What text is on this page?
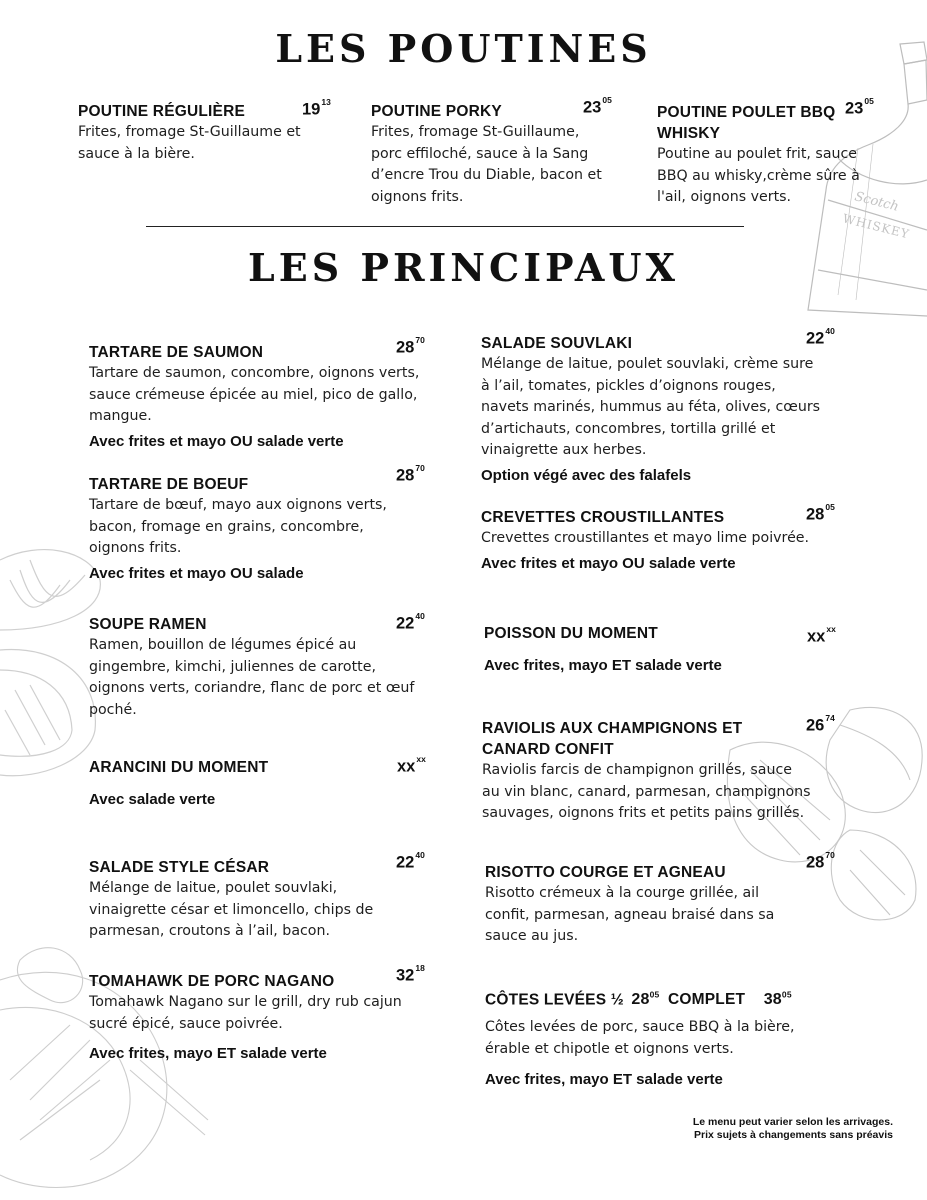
Scotch
WHISKEY
LES POUTINES
LES PRINCIPAUX
POUTINE RÉGULIÈRE
Frites, fromage St-Guillaume et sauce à la bière.
$19^{13}$
POUTINE PORKY
Frites, fromage St-Guillaume, porc effiloché, sauce à la Sang d’encre Trou du Diable, bacon et oignons frits.
$23^{05}$
POUTINE POULET BBQ
WHISKY
Poutine au poulet frit, sauce BBQ au whisky,crème sûre à l'ail, oignons verts.
$23^{05}$
TARTARE DE SAUMON
Tartare de saumon, concombre, oignons verts, sauce crémeuse épicée au miel, pico de gallo, mangue.
Avec frites et mayo OU salade verte
$28^{70}$
TARTARE DE BOEUF
Tartare de bœuf, mayo aux oignons verts, bacon, fromage en grains, concombre, oignons frits.
Avec frites et mayo OU salade
$28^{70}$
SOUPE RAMEN
Ramen, bouillon de légumes épicé au gingembre, kimchi, juliennes de carotte, oignons verts, coriandre, flanc de porc et œuf poché.
$22^{40}$
ARANCINI DU MOMENT
Avec salade verte
$xx^{xx}$
SALADE STYLE CÉSAR
Mélange de laitue, poulet souvlaki, vinaigrette césar et limoncello, chips de parmesan, croutons à l’ail, bacon.
$22^{40}$
TOMAHAWK DE PORC NAGANO
Tomahawk Nagano sur le grill, dry rub cajun sucré épicé, sauce poivrée.
Avec frites, mayo ET salade verte
$32^{18}$
SALADE SOUVLAKI
Mélange de laitue, poulet souvlaki, crème sure à l’ail, tomates, pickles d’oignons rouges, navets marinés, hummus au féta, olives, cœurs d’artichauts, concombres, tortilla grillé et vinaigrette aux herbes.
Option végé avec des falafels
$22^{40}$
CREVETTES CROUSTILLANTES
Crevettes croustillantes et mayo lime poivrée.
Avec frites et mayo OU salade verte
$28^{05}$
POISSON DU MOMENT
Avec frites, mayo ET salade verte
$xx^{xx}$
RAVIOLIS AUX CHAMPIGNONS ET
CANARD CONFIT
Raviolis farcis de champignon grillés, sauce au vin blanc, canard, parmesan, champignons sauvages, oignons frits et petits pains grillés.
$26^{74}$
RISOTTO COURGE ET AGNEAU
Risotto crémeux à la courge grillée, ail confit, parmesan, agneau braisé dans sa sauce au jus.
$28^{70}$
CÔTES LEVÉES ½ $28^{05}$ COMPLET $38^{05}$
Côtes levées de porc, sauce BBQ à la bière, érable et chipotle et oignons verts.
Avec frites, mayo ET salade verte
Le menu peut varier selon les arrivages.
Prix sujets à changements sans préavis
